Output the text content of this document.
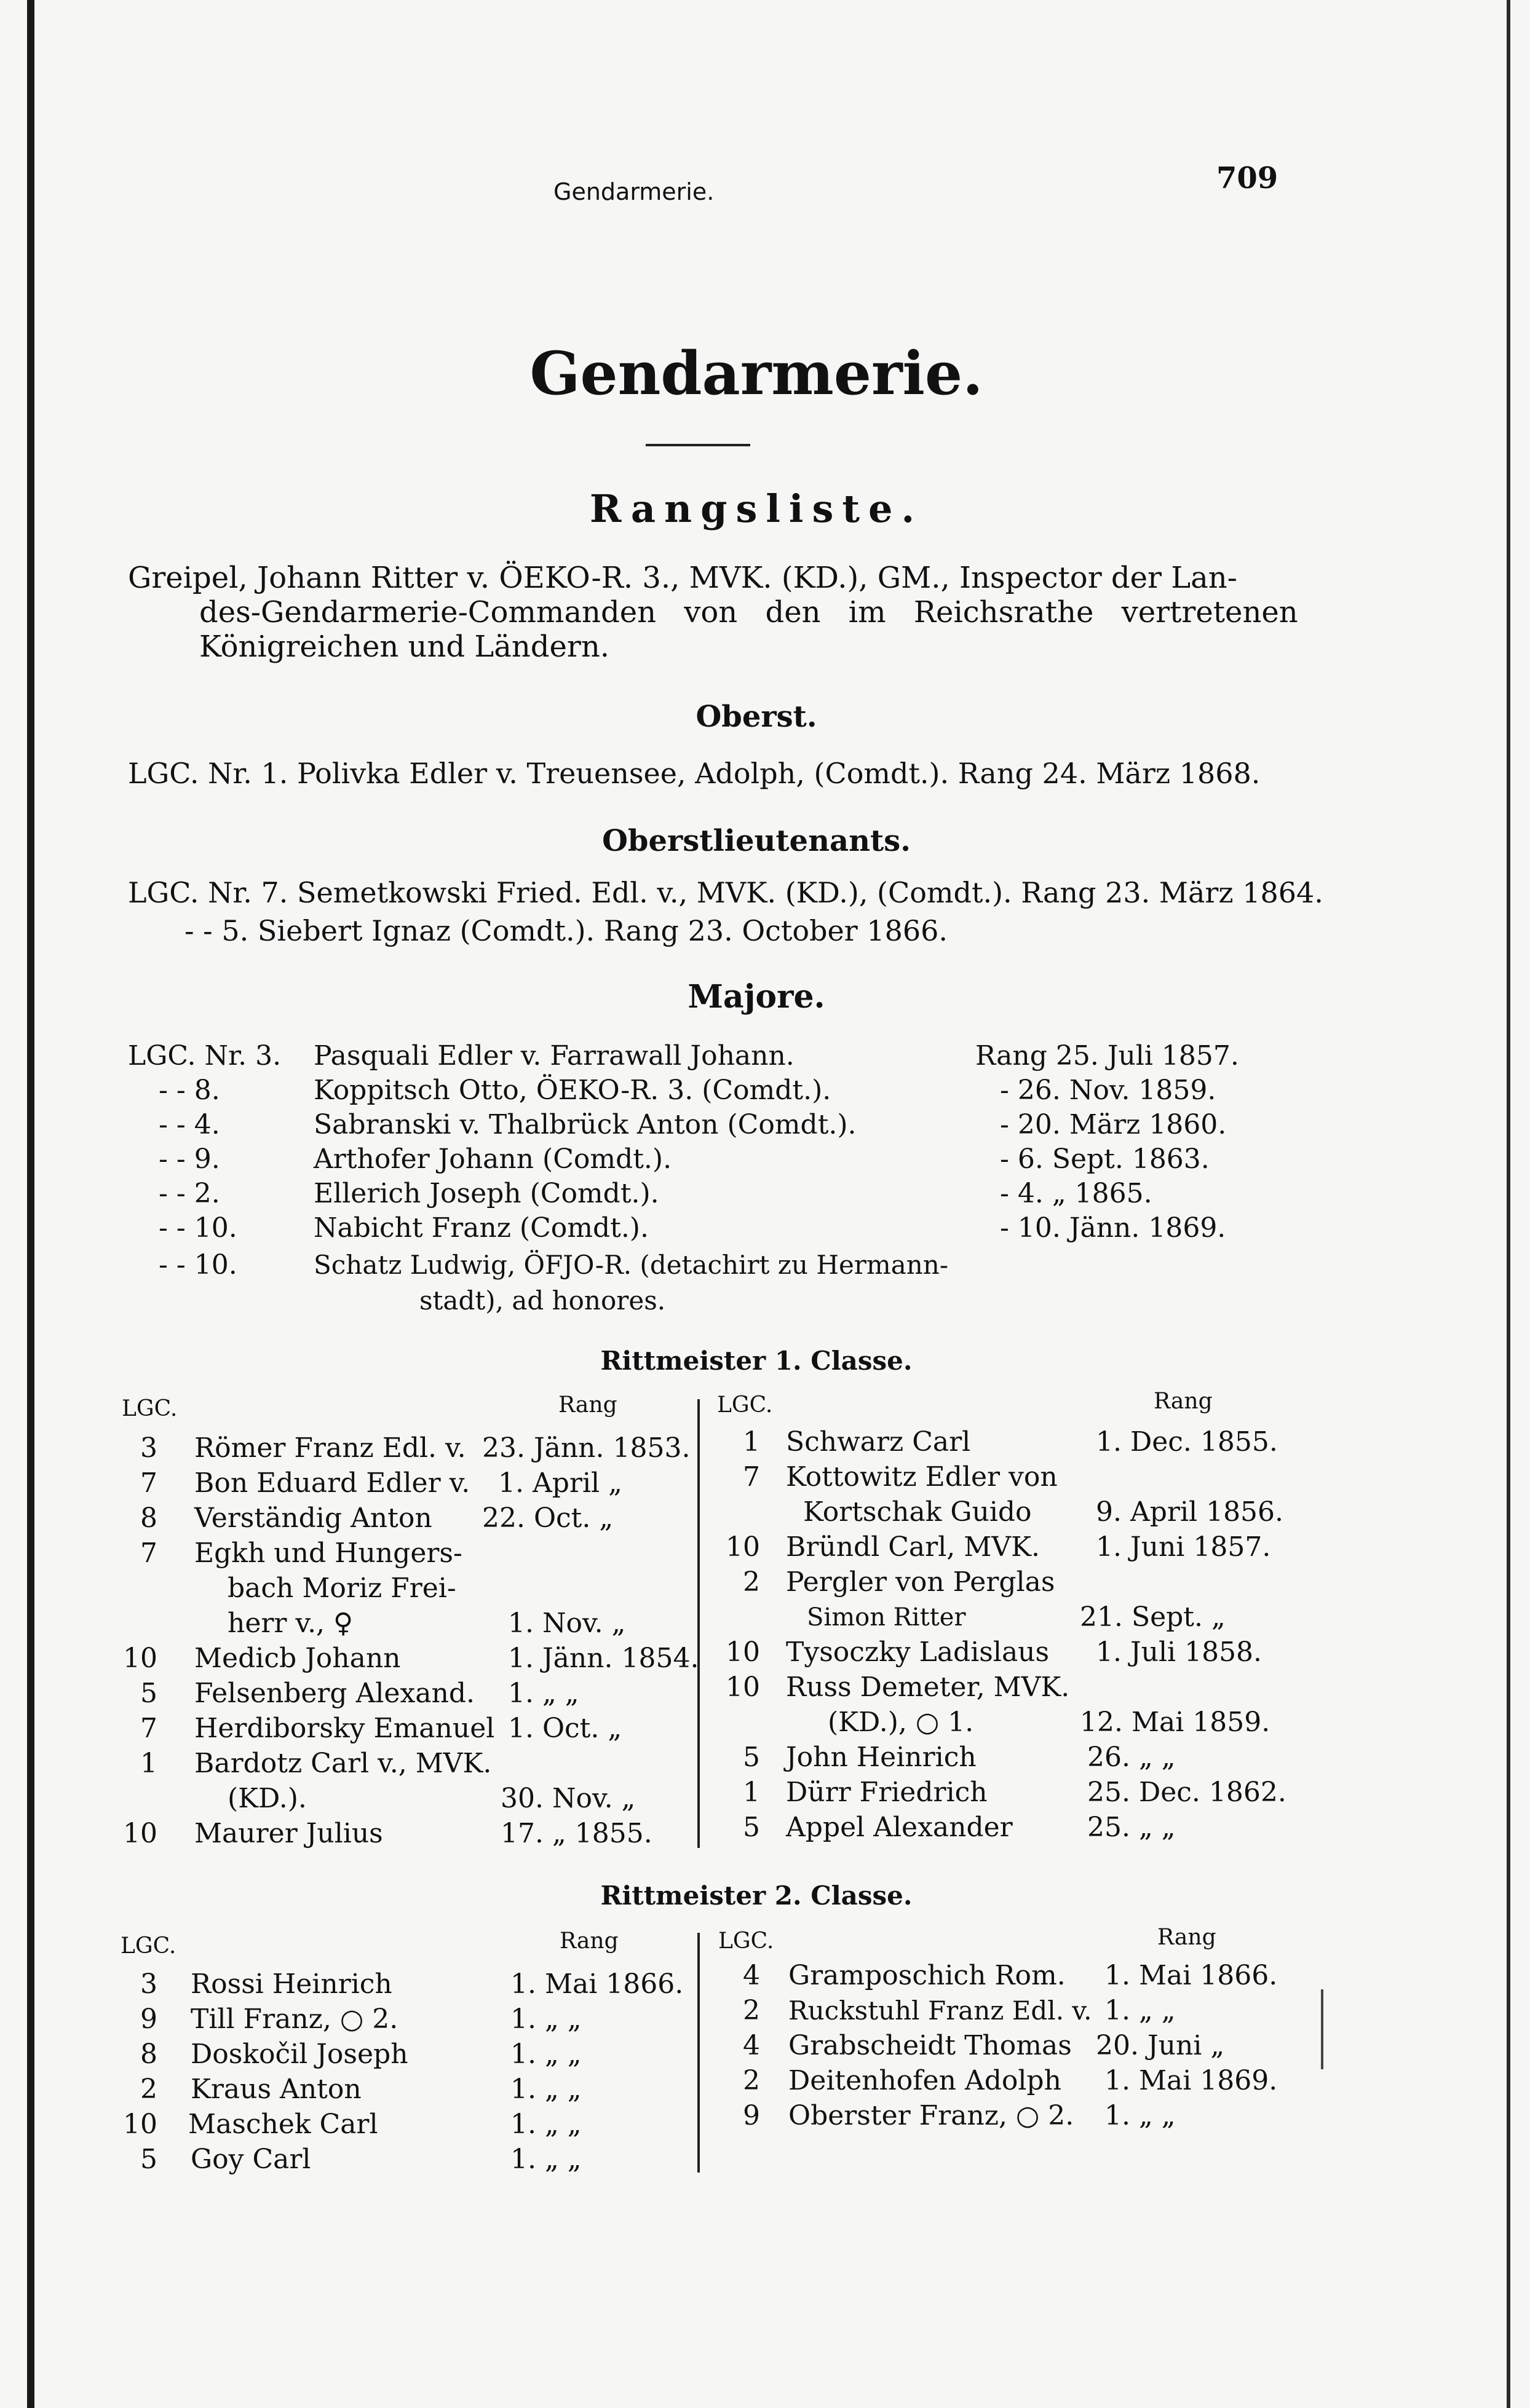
Gendarmerie.	709
Gendarmerie.
Rangsliste.
Greipel, Johann Ritter v. ÖEKO-R. 3., MVK. (KD.), GM., Inspector der Lan-
des-Gendarmerie-Commanden von den im Reichsrathe vertretenen
Königreichen und Ländern.
Oberst.
LGC. Nr. 1. Polivka Edler v. Treuensee, Adolph, (Comdt.). Rang 24. März 1868.
Oberstlieutenants.
LGC. Nr. 7. Semetkowski Fried. Edl. v., MVK. (KD.), (Comdt.). Rang 23. März 1864.
- - 5. Siebert Ignaz (Comdt.). Rang 23. October 1866.
Majore.
LGC. Nr. 3. Pasquali Edler v. Farrawall Johann.	Rang 25. Juli 1857.
- - 8.	Koppitsch Otto, ÖEKO-R. 3. (Comdt.).	- 26. Nov. 1859.
- - 4.	Sabranski v. Thalbrück Anton (Comdt.).	- 20. März 1860.
- - 9.	Arthofer Johann (Comdt.).	- 6. Sept. 1863.
- - 2.	Ellerich Joseph (Comdt.).	- 4. „ 1865.
- - 10.	Nabicht Franz (Comdt.).	- 10. Jänn. 1869.
- - 10.	Schatz Ludwig, ÖFJO-R. (detachirt zu Hermann-
stadt), ad honores.
Rittmeister 1. Classe.
LGC.	Rang	LGC.	Rang
3 Römer Franz Edl. v. 23. Jänn. 1853.
7 Bon Eduard Edler v. 1. April „
8 Verständig Anton 22. Oct. „
7 Egkh und Hungers-
bach Moriz Frei-
herr v., ♀	1. Nov. „
10 Medicb Johann	1. Jänn. 1854.
5 Felsenberg Alexand. 1. „ „
7 Herdiborsky Emanuel 1. Oct. „
1 Bardotz Carl v., MVK.
(KD.).	30. Nov. „
10 Maurer Julius	17. „ 1855.
1 Schwarz Carl	1. Dec. 1855.
7 Kottowitz Edler von
Kortschak Guido 9. April 1856.
10 Bründl Carl, MVK. 1. Juni 1857.
2 Pergler von Perglas
Simon Ritter	21. Sept. „
10 Tysoczky Ladislaus 1. Juli 1858.
10 Russ Demeter, MVK.
(KD.), ○ 1.	12. Mai 1859.
5 John Heinrich	26. „ „
1 Dürr Friedrich	25. Dec. 1862.
5 Appel Alexander	25. „ „
Rittmeister 2. Classe.
LGC.	Rang	LGC.	Rang
3 Rossi Heinrich	1. Mai 1866.
9 Till Franz, ○ 2.	1. „ „
8 Doskočil Joseph	1. „ „
2 Kraus Anton	1. „ „
10 Maschek Carl	1. „ „
5 Goy Carl	1. „ „
4 Gramposchich Rom. 1. Mai 1866.
2 Ruckstuhl Franz Edl. v. 1. „ „
4 Grabscheidt Thomas 20. Juni „
2 Deitenhofen Adolph 1. Mai 1869.
9 Oberster Franz, ○ 2. 1. „ „
